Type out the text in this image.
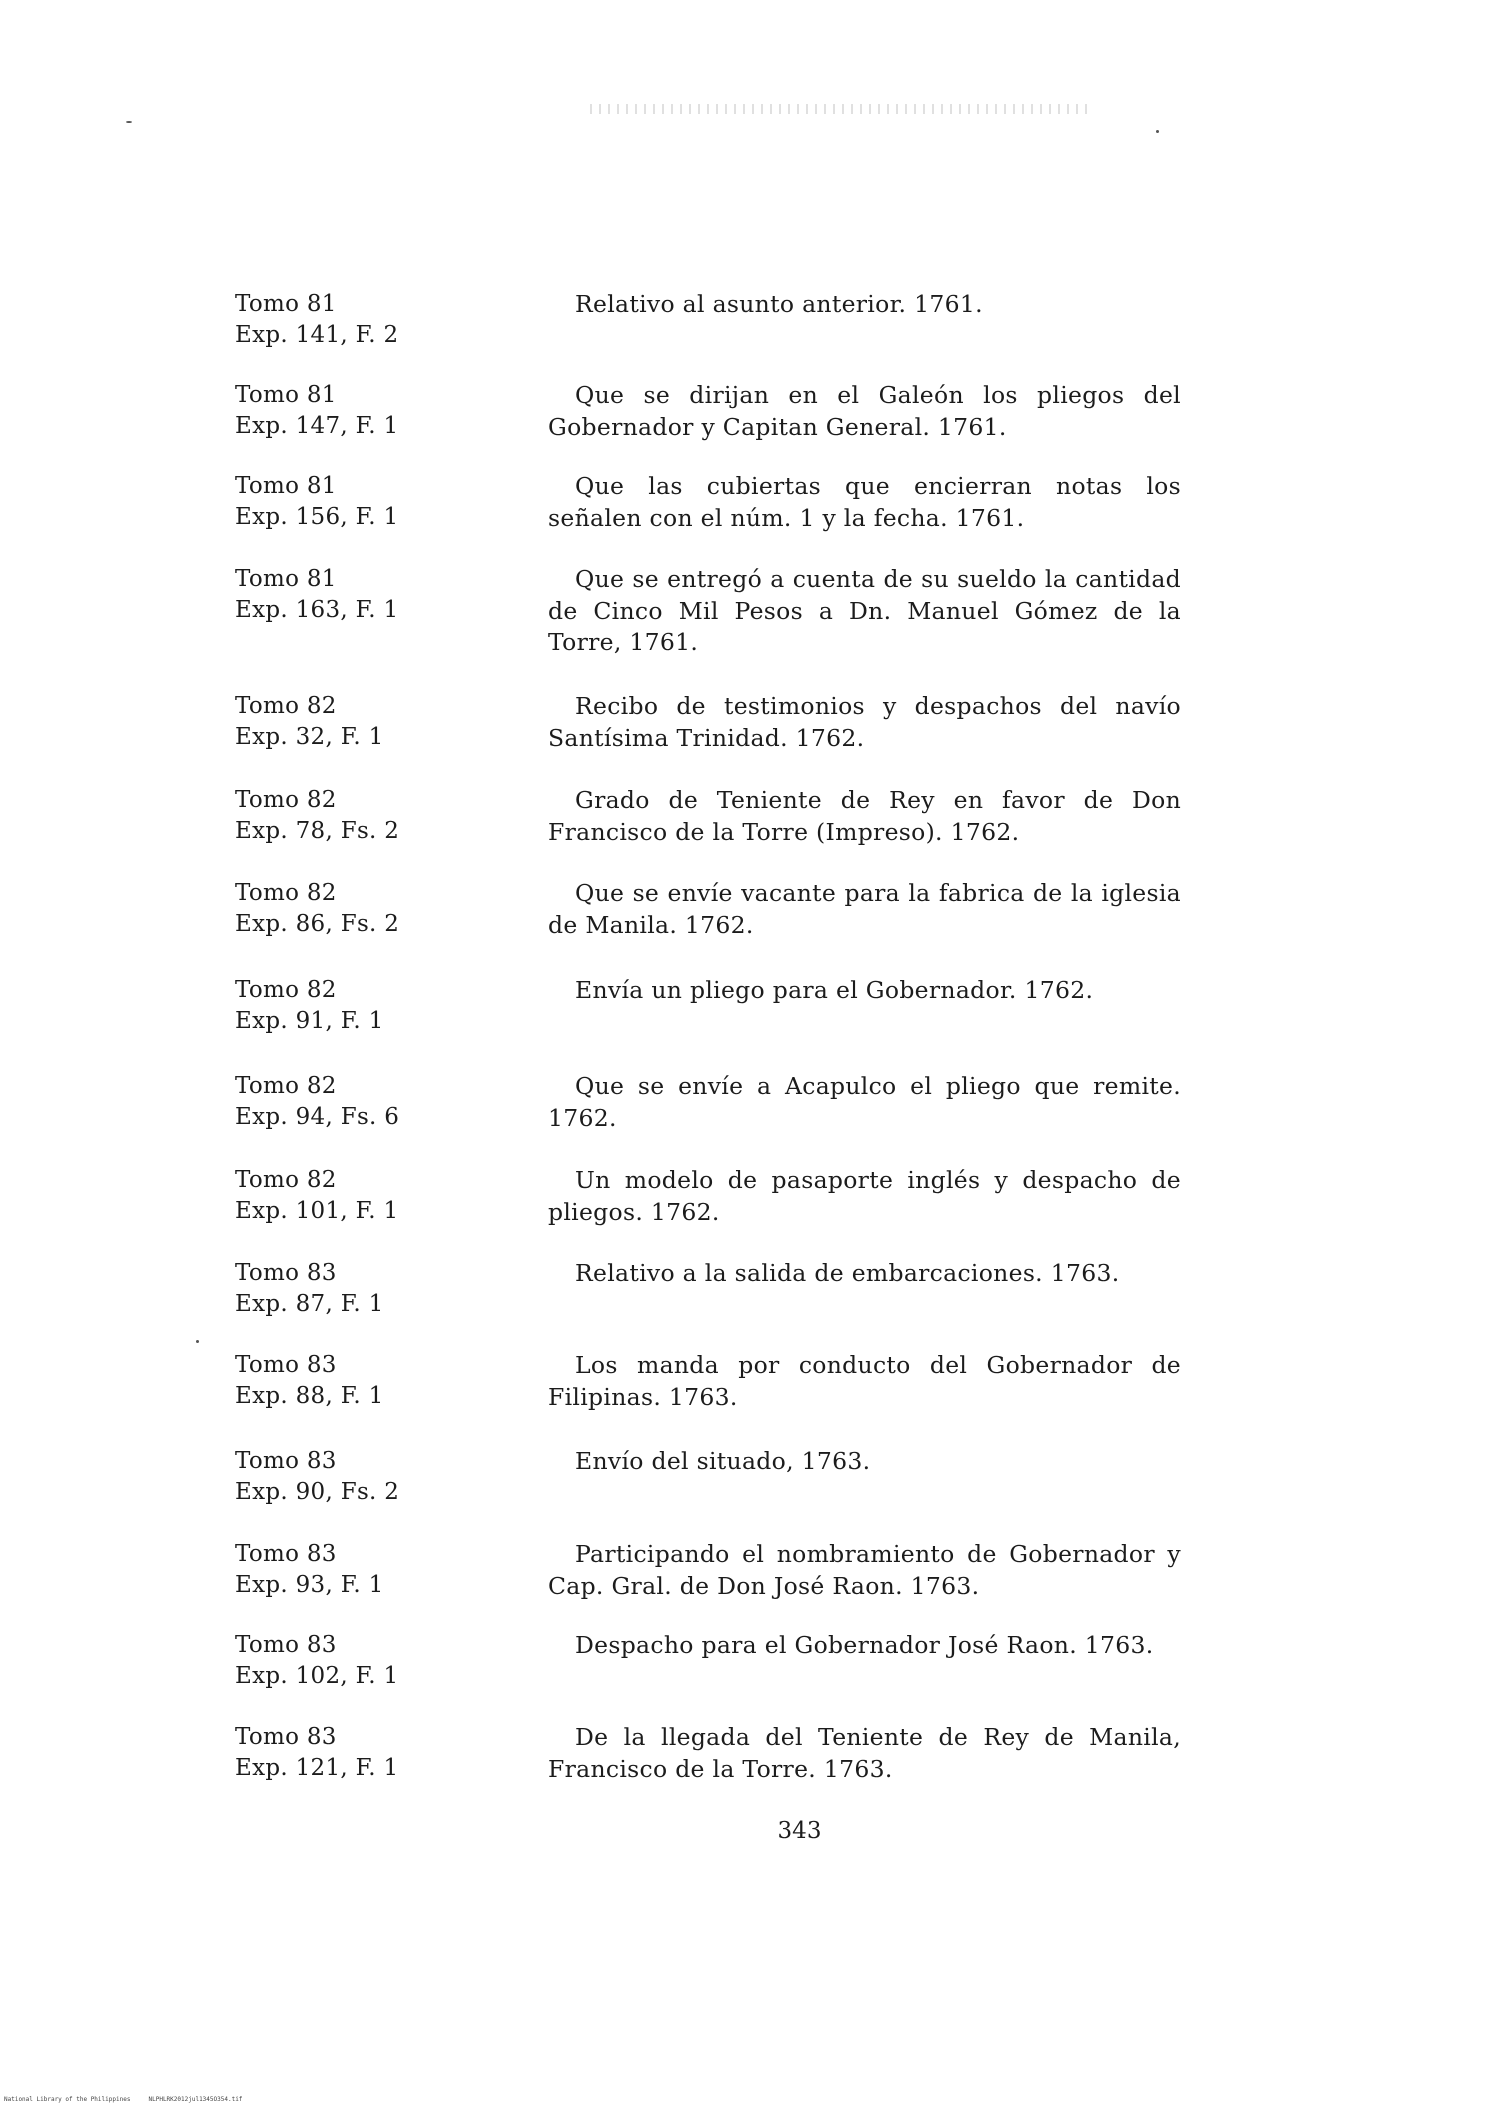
Tomo 81
Exp. 141, F. 2
Relativo al asunto anterior. 1761.
Tomo 81
Exp. 147, F. 1
Que se dirijan en el Galeón los pliegos del Gobernador y Capitan General. 1761.
Tomo 81
Exp. 156, F. 1
Que las cubiertas que encierran notas los señalen con el núm. 1 y la fecha. 1761.
Tomo 81
Exp. 163, F. 1
Que se entregó a cuenta de su sueldo la cantidad de Cinco Mil Pesos a Dn. Manuel Gómez de la Torre, 1761.
Tomo 82
Exp. 32, F. 1
Recibo de testimonios y despachos del navío Santísima Trinidad. 1762.
Tomo 82
Exp. 78, Fs. 2
Grado de Teniente de Rey en favor de Don Francisco de la Torre (Impreso). 1762.
Tomo 82
Exp. 86, Fs. 2
Que se envíe vacante para la fabrica de la iglesia de Manila. 1762.
Tomo 82
Exp. 91, F. 1
Envía un pliego para el Gobernador. 1762.
Tomo 82
Exp. 94, Fs. 6
Que se envíe a Acapulco el pliego que remite. 1762.
Tomo 82
Exp. 101, F. 1
Un modelo de pasaporte inglés y despacho de pliegos. 1762.
Tomo 83
Exp. 87, F. 1
Relativo a la salida de embarcaciones. 1763.
Tomo 83
Exp. 88, F. 1
Los manda por conducto del Gobernador de Filipinas. 1763.
Tomo 83
Exp. 90, Fs. 2
Envío del situado, 1763.
Tomo 83
Exp. 93, F. 1
Participando el nombramiento de Gobernador y Cap. Gral. de Don José Raon. 1763.
Tomo 83
Exp. 102, F. 1
Despacho para el Gobernador José Raon. 1763.
Tomo 83
Exp. 121, F. 1
De la llegada del Teniente de Rey de Manila, Francisco de la Torre. 1763.
343
National Library of the Philippines	NLPHLRK2012jul1345O354.tif
